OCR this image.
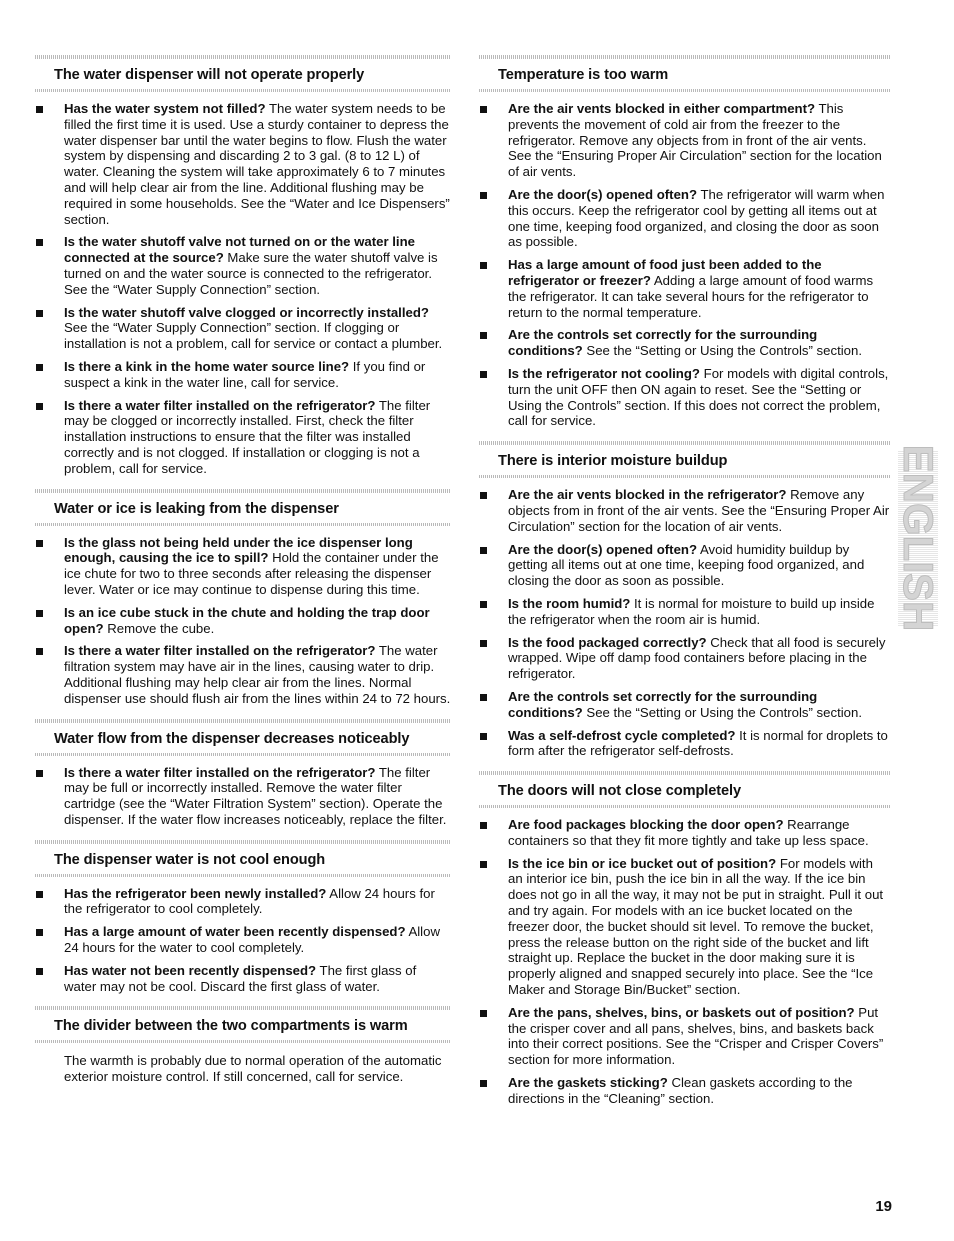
The water dispenser will not operate properly
Has the water system not filled? The water system needs to be filled the first time it is used. Use a sturdy container to depress the water dispenser bar until the water begins to flow. Flush the water system by dispensing and discarding 2 to 3 gal. (8 to 12 L) of water. Cleaning the system will take approximately 6 to 7 minutes and will help clear air from the line. Additional flushing may be required in some households. See the “Water and Ice Dispensers” section.
Is the water shutoff valve not turned on or the water line connected at the source? Make sure the water shutoff valve is turned on and the water source is connected to the refrigerator. See the “Water Supply Connection” section.
Is the water shutoff valve clogged or incorrectly installed? See the “Water Supply Connection” section. If clogging or installation is not a problem, call for service or contact a plumber.
Is there a kink in the home water source line? If you find or suspect a kink in the water line, call for service.
Is there a water filter installed on the refrigerator? The filter may be clogged or incorrectly installed. First, check the filter installation instructions to ensure that the filter was installed correctly and is not clogged. If installation or clogging is not a problem, call for service.
Water or ice is leaking from the dispenser
Is the glass not being held under the ice dispenser long enough, causing the ice to spill? Hold the container under the ice chute for two to three seconds after releasing the dispenser lever. Water or ice may continue to dispense during this time.
Is an ice cube stuck in the chute and holding the trap door open? Remove the cube.
Is there a water filter installed on the refrigerator? The water filtration system may have air in the lines, causing water to drip. Additional flushing may help clear air from the lines. Normal dispenser use should flush air from the lines within 24 to 72 hours.
Water flow from the dispenser decreases noticeably
Is there a water filter installed on the refrigerator? The filter may be full or incorrectly installed. Remove the water filter cartridge (see the “Water Filtration System” section). Operate the dispenser. If the water flow increases noticeably, replace the filter.
The dispenser water is not cool enough
Has the refrigerator been newly installed? Allow 24 hours for the refrigerator to cool completely.
Has a large amount of water been recently dispensed? Allow 24 hours for the water to cool completely.
Has water not been recently dispensed? The first glass of water may not be cool. Discard the first glass of water.
The divider between the two compartments is warm

The warmth is probably due to normal operation of the automatic exterior moisture control. If still concerned, call for service.

Temperature is too warm
Are the air vents blocked in either compartment? This prevents the movement of cold air from the freezer to the refrigerator. Remove any objects from in front of the air vents. See the “Ensuring Proper Air Circulation” section for the location of air vents.
Are the door(s) opened often? The refrigerator will warm when this occurs. Keep the refrigerator cool by getting all items out at one time, keeping food organized, and closing the door as soon as possible.
Has a large amount of food just been added to the refrigerator or freezer? Adding a large amount of food warms the refrigerator. It can take several hours for the refrigerator to return to the normal temperature.
Are the controls set correctly for the surrounding conditions? See the “Setting or Using the Controls” section.
Is the refrigerator not cooling? For models with digital controls, turn the unit OFF then ON again to reset. See the “Setting or Using the Controls” section. If this does not correct the problem, call for service.
There is interior moisture buildup
Are the air vents blocked in the refrigerator? Remove any objects from in front of the air vents. See the “Ensuring Proper Air Circulation” section for the location of air vents.
Are the door(s) opened often? Avoid humidity buildup by getting all items out at one time, keeping food organized, and closing the door as soon as possible.
Is the room humid? It is normal for moisture to build up inside the refrigerator when the room air is humid.
Is the food packaged correctly? Check that all food is securely wrapped. Wipe off damp food containers before placing in the refrigerator.
Are the controls set correctly for the surrounding conditions? See the “Setting or Using the Controls” section.
Was a self-defrost cycle completed? It is normal for droplets to form after the refrigerator self-defrosts.
The doors will not close completely
Are food packages blocking the door open? Rearrange containers so that they fit more tightly and take up less space.
Is the ice bin or ice bucket out of position? For models with an interior ice bin, push the ice bin in all the way. If the ice bin does not go in all the way, it may not be put in straight. Pull it out and try again. For models with an ice bucket located on the freezer door, the bucket should sit level. To remove the bucket, press the release button on the right side of the bucket and lift straight up. Replace the bucket in the door making sure it is properly aligned and snapped securely into place. See the “Ice Maker and Storage Bin/Bucket” section.
Are the pans, shelves, bins, or baskets out of position? Put the crisper cover and all pans, shelves, bins, and baskets back into their correct positions. See the “Crisper and Crisper Covers” section for more information.
Are the gaskets sticking? Clean gaskets according to the directions in the “Cleaning” section.
ENGLISH
19
